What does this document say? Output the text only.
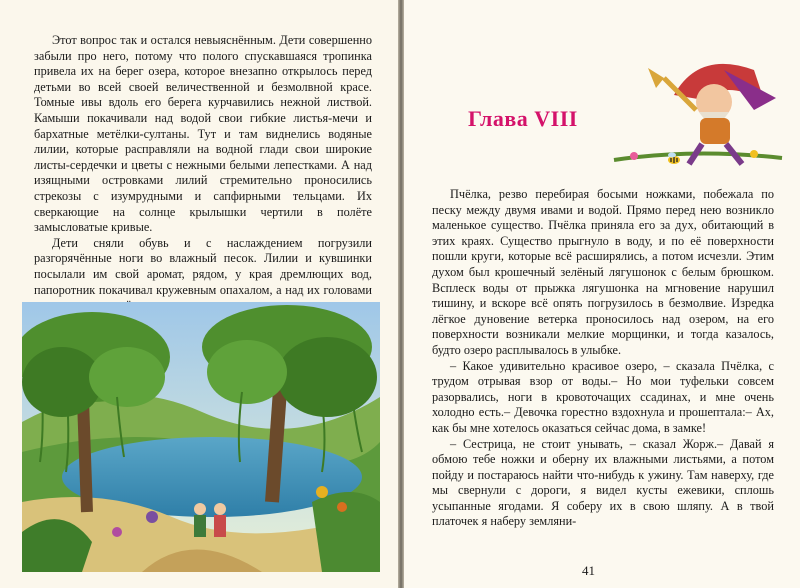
Этот вопрос так и остался невыяснённым. Дети совершенно забыли про него, потому что полого спускавшаяся тропинка привела их на берег озера, которое внезапно открылось перед детьми во всей своей величественной и безмолвной красе. Томные ивы вдоль его берега курчавились нежной листвой. Камыши покачивали над водой свои гибкие листья-мечи и бархатные метёлки-султаны. Тут и там виднелись водяные лилии, которые расправляли на водной глади свои широкие листы-сердечки и цветы с нежными белыми лепестками. А над изящными островками лилий стремительно проносились стрекозы с изумрудными и сапфирными тельцами. Их сверкающие на солнце крылышки чертили в полёте замысловатые кривые.

Дети сняли обувь и с наслаждением погрузили разгорячённые ноги во влажный песок. Лилии и кувшинки посылали им свой аромат, рядом, у края дремлющих вод, папоротник покачивал кружевным опахалом, а над их головами

Глава VIII

Пчёлка, резво перебирая босыми ножками, побежала по песку между двумя ивами и водой. Прямо перед нею возникло маленькое существо. Пчёлка приняла его за дух, обитающий в этих краях. Существо прыгнуло в воду, и по её поверхности пошли круги, которые всё расширялись, а потом исчезли. Этим духом был крошечный зелёный лягушонок с белым брюшком. Всплеск воды от прыжка лягушонка на мгновение нарушил тишину, и вскоре всё опять погрузилось в безмолвие. Изредка лёгкое дуновение ветерка проносилось над озером, на его поверхности возникали мелкие морщинки, и тогда казалось, будто озеро расплывалось в улыбке.

– Какое удивительно красивое озеро, – сказала Пчёлка, с трудом отрывая взор от воды.– Но мои туфельки совсем разорвались, ноги в кровоточащих ссадинах, и мне очень холодно есть.– Девочка горестно вздохнула и прошептала:– Ах, как бы мне хотелось оказаться сейчас дома, в замке!

– Сестрица, не стоит унывать, – сказал Жорж.– Давай я обмою тебе ножки и оберну их влажными листьями, а потом пойду и постараюсь найти что-нибудь к ужину. Там наверху, где мы свернули с дороги, я видел кусты ежевики, сплошь усыпанные ягодами. Я соберу их в свою шляпу. А в твой платочек я наберу земляни-

41
